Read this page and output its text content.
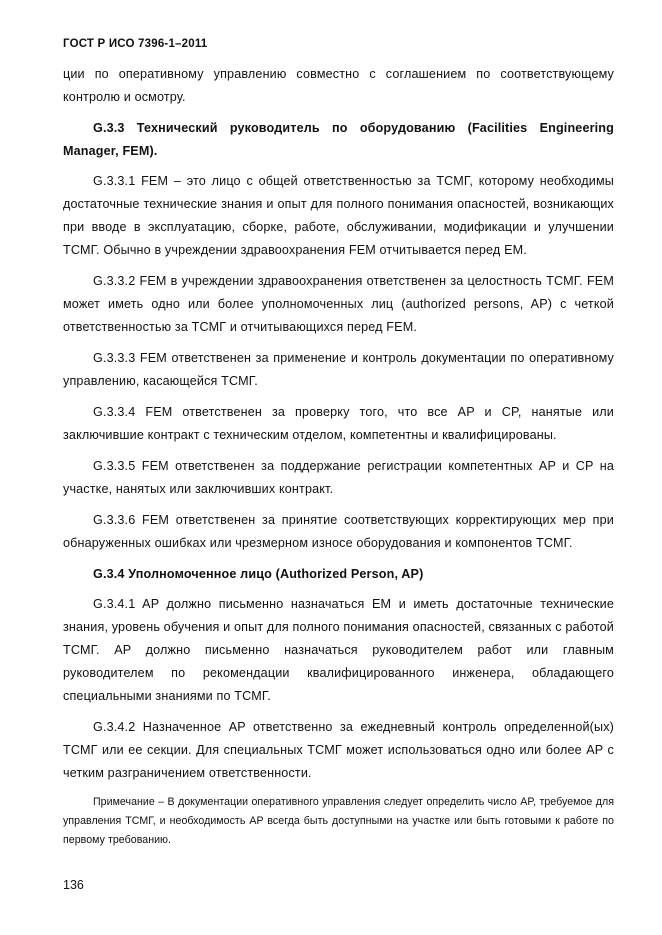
ГОСТ Р ИСО 7396-1–2011

ции по оперативному управлению совместно с соглашением по соответствующему контролю и осмотру.

G.3.3 Технический руководитель по оборудованию (Facilities Engineering Manager, FEM).

G.3.3.1 FEM – это лицо с общей ответственностью за ТСМГ, которому необходимы достаточные технические знания и опыт для полного понимания опасностей, возникающих при вводе в эксплуатацию, сборке, работе, обслуживании, модификации и улучшении ТСМГ. Обычно в учреждении здравоохранения FEM отчитывается перед EM.

G.3.3.2 FEM в учреждении здравоохранения ответственен за целостность ТСМГ. FEM может иметь одно или более уполномоченных лиц (authorized persons, AP) с четкой ответственностью за ТСМГ и отчитывающихся перед FEM.

G.3.3.3 FEM ответственен за применение и контроль документации по оперативному управлению, касающейся ТСМГ.

G.3.3.4 FEM ответственен за проверку того, что все AP и CP, нанятые или заключившие контракт с техническим отделом, компетентны и квалифицированы.

G.3.3.5 FEM ответственен за поддержание регистрации компетентных AP и CP на участке, нанятых или заключивших контракт.

G.3.3.6 FEM ответственен за принятие соответствующих корректирующих мер при обнаруженных ошибках или чрезмерном износе оборудования и компонентов ТСМГ.

G.3.4 Уполномоченное лицо (Authorized Person, AP)

G.3.4.1 AP должно письменно назначаться EM и иметь достаточные технические знания, уровень обучения и опыт для полного понимания опасностей, связанных с работой ТСМГ. AP должно письменно назначаться руководителем работ или главным руководителем по рекомендации квалифицированного инженера, обладающего специальными знаниями по ТСМГ.

G.3.4.2 Назначенное AP ответственно за ежедневный контроль определенной(ых) ТСМГ или ее секции. Для специальных ТСМГ может использоваться одно или более AP с четким разграничением ответственности.

Примечание – В документации оперативного управления следует определить число AP, требуемое для управления ТСМГ, и необходимость AP всегда быть доступными на участке или быть готовыми к работе по первому требованию.

136
